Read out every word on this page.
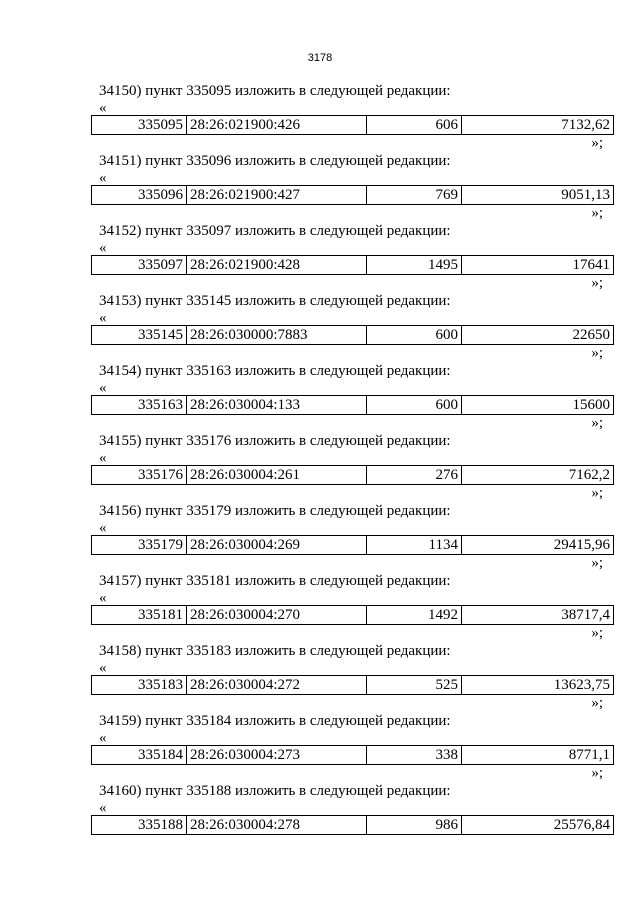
3178
34150) пункт 335095 изложить в следующей редакции:
«
335095	28:26:021900:426	606	7132,62
»;
34151) пункт 335096 изложить в следующей редакции:
«
335096	28:26:021900:427	769	9051,13
»;
34152) пункт 335097 изложить в следующей редакции:
«
335097	28:26:021900:428	1495	17641
»;
34153) пункт 335145 изложить в следующей редакции:
«
335145	28:26:030000:7883	600	22650
»;
34154) пункт 335163 изложить в следующей редакции:
«
335163	28:26:030004:133	600	15600
»;
34155) пункт 335176 изложить в следующей редакции:
«
335176	28:26:030004:261	276	7162,2
»;
34156) пункт 335179 изложить в следующей редакции:
«
335179	28:26:030004:269	1134	29415,96
»;
34157) пункт 335181 изложить в следующей редакции:
«
335181	28:26:030004:270	1492	38717,4
»;
34158) пункт 335183 изложить в следующей редакции:
«
335183	28:26:030004:272	525	13623,75
»;
34159) пункт 335184 изложить в следующей редакции:
«
335184	28:26:030004:273	338	8771,1
»;
34160) пункт 335188 изложить в следующей редакции:
«
335188	28:26:030004:278	986	25576,84
